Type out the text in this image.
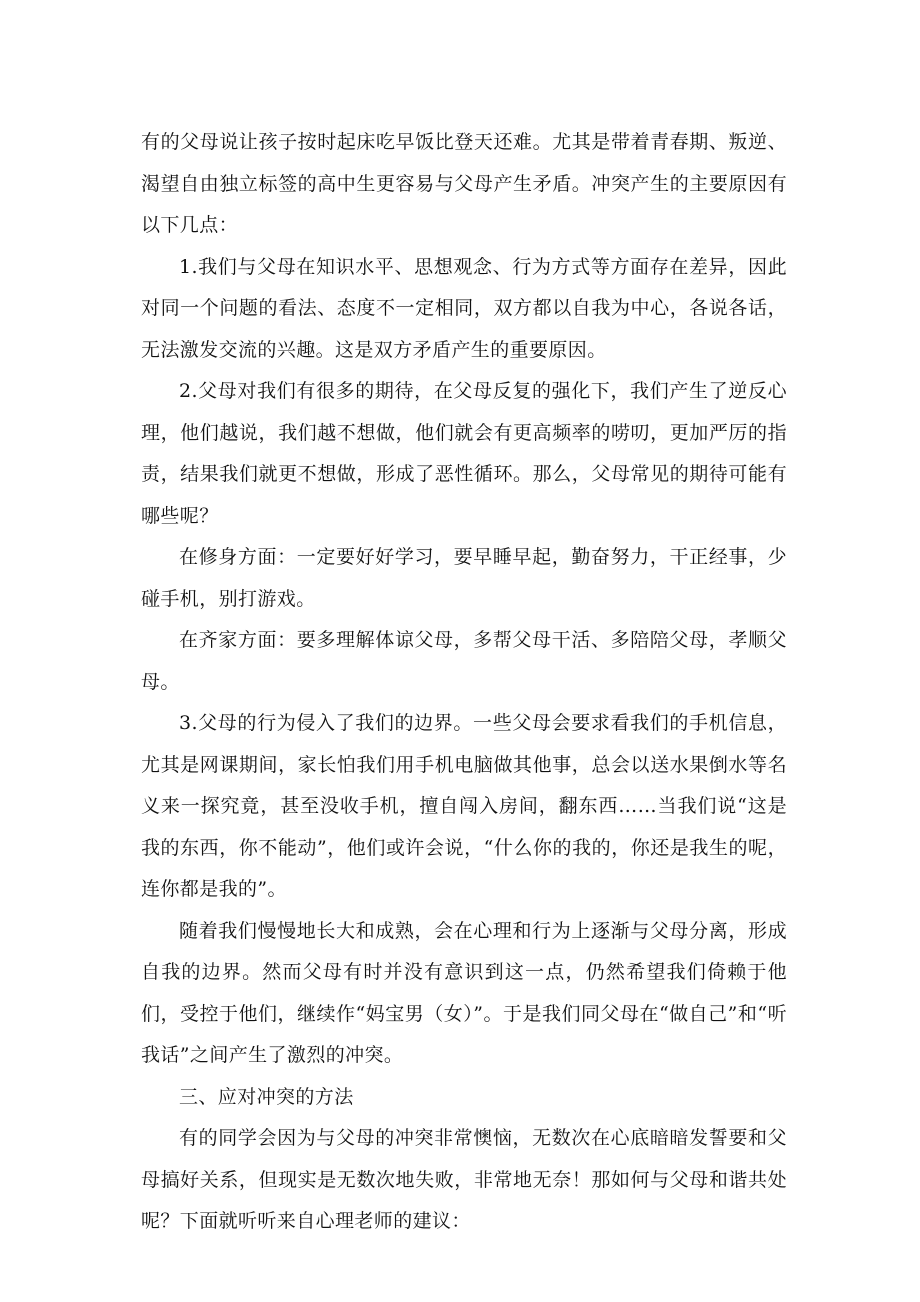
有的父母说让孩子按时起床吃早饭比登天还难。尤其是带着青春期、叛逆、渴望自由独立标签的高中生更容易与父母产生矛盾。冲突产生的主要原因有以下几点：

1.我们与父母在知识水平、思想观念、行为方式等方面存在差异，因此对同一个问题的看法、态度不一定相同，双方都以自我为中心，各说各话，无法激发交流的兴趣。这是双方矛盾产生的重要原因。

2.父母对我们有很多的期待，在父母反复的强化下，我们产生了逆反心理，他们越说，我们越不想做，他们就会有更高频率的唠叨，更加严厉的指责，结果我们就更不想做，形成了恶性循环。那么，父母常见的期待可能有哪些呢？

在修身方面：一定要好好学习，要早睡早起，勤奋努力，干正经事，少碰手机，别打游戏。

在齐家方面：要多理解体谅父母，多帮父母干活、多陪陪父母，孝顺父母。

3.父母的行为侵入了我们的边界。一些父母会要求看我们的手机信息，尤其是网课期间，家长怕我们用手机电脑做其他事，总会以送水果倒水等名义来一探究竟，甚至没收手机，擅自闯入房间，翻东西……当我们说“这是我的东西，你不能动”，他们或许会说，“什么你的我的，你还是我生的呢，连你都是我的”。

随着我们慢慢地长大和成熟，会在心理和行为上逐渐与父母分离，形成自我的边界。然而父母有时并没有意识到这一点，仍然希望我们倚赖于他们，受控于他们，继续作“妈宝男（女）”。于是我们同父母在“做自己”和“听我话”之间产生了激烈的冲突。

三、应对冲突的方法

有的同学会因为与父母的冲突非常懊恼，无数次在心底暗暗发誓要和父母搞好关系，但现实是无数次地失败，非常地无奈！那如何与父母和谐共处呢？下面就听听来自心理老师的建议：
